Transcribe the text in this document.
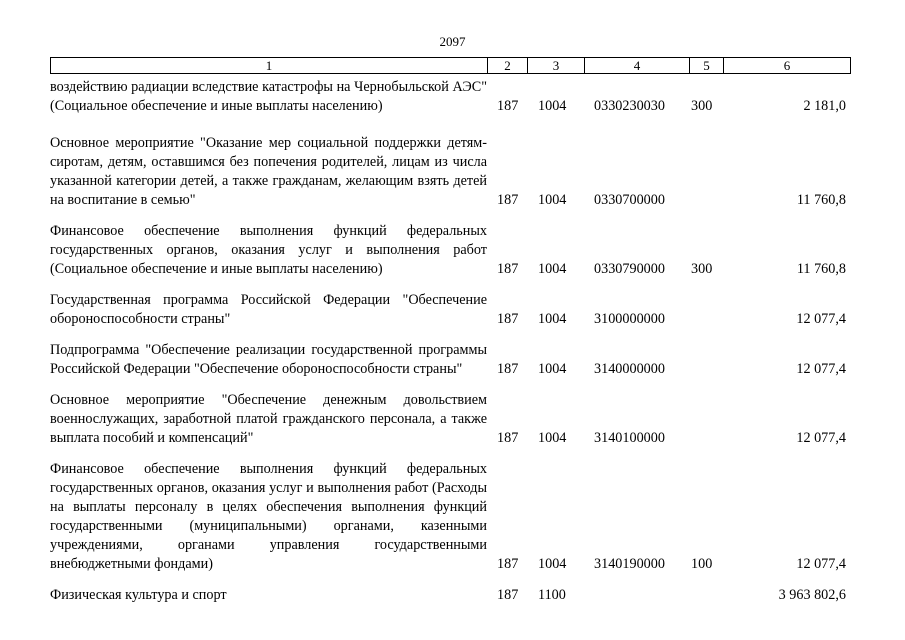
2097
1	2	3	4	5	6
воздействию радиации вследствие катастрофы на Чернобыльской АЭС" (Социальное обеспечение и иные выплаты населению)	187 1004 0330230030 300	2 181,0
Основное мероприятие "Оказание мер социальной поддержки детям-сиротам, детям, оставшимся без попечения родителей, лицам из числа указанной категории детей, а также гражданам, желающим взять детей на воспитание в семью"	187 1004 0330700000	11 760,8
Финансовое обеспечение выполнения функций федеральных государственных органов, оказания услуг и выполнения работ (Социальное обеспечение и иные выплаты населению)	187 1004 0330790000 300	11 760,8
Государственная программа Российской Федерации "Обеспечение обороноспособности страны"	187 1004 3100000000	12 077,4
Подпрограмма "Обеспечение реализации государственной программы Российской Федерации "Обеспечение обороноспособности страны"	187 1004 3140000000	12 077,4
Основное мероприятие "Обеспечение денежным довольствием военнослужащих, заработной платой гражданского персонала, а также выплата пособий и компенсаций"	187 1004 3140100000	12 077,4
Финансовое обеспечение выполнения функций федеральных государственных органов, оказания услуг и выполнения работ (Расходы на выплаты персоналу в целях обеспечения выполнения функций государственными (муниципальными) органами, казенными учреждениями, органами управления государственными внебюджетными фондами)	187 1004 3140190000 100	12 077,4
Физическая культура и спорт	187 1100	3 963 802,6
